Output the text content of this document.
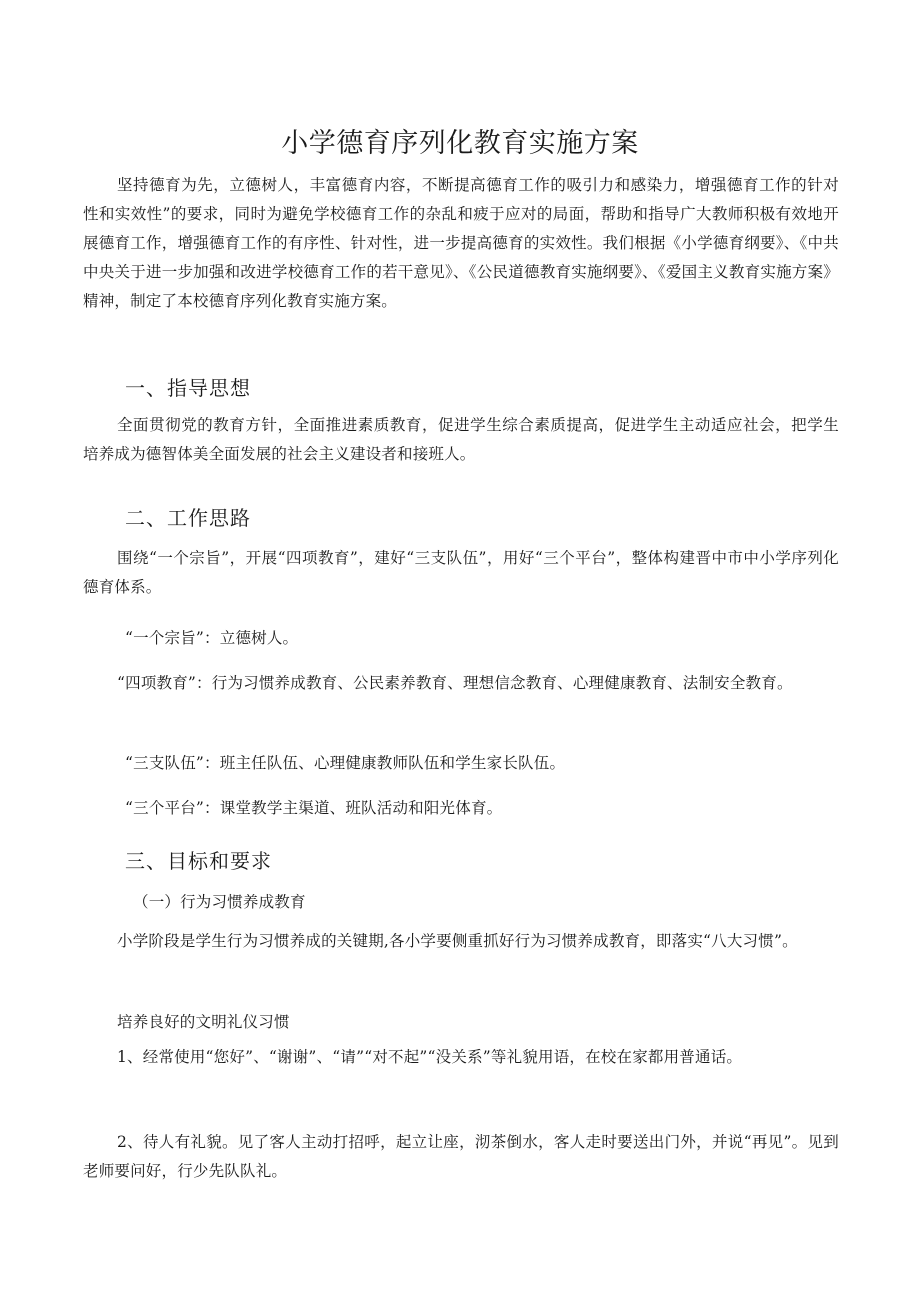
小学德育序列化教育实施方案

坚持德育为先，立德树人，丰富德育内容，不断提高德育工作的吸引力和感染力，增强德育工作的针对性和实效性”的要求，同时为避免学校德育工作的杂乱和疲于应对的局面，帮助和指导广大教师积极有效地开展德育工作，增强德育工作的有序性、针对性，进一步提高德育的实效性。我们根据《小学德育纲要》、《中共中央关于进一步加强和改进学校德育工作的若干意见》、《公民道德教育实施纲要》、《爱国主义教育实施方案》精神，制定了本校德育序列化教育实施方案。

一、指导思想

全面贯彻党的教育方针，全面推进素质教育，促进学生综合素质提高，促进学生主动适应社会，把学生培养成为德智体美全面发展的社会主义建设者和接班人。

二、工作思路

围绕“一个宗旨”，开展“四项教育”，建好“三支队伍”，用好“三个平台”，整体构建晋中市中小学序列化德育体系。

“一个宗旨”：立德树人。

“四项教育”：行为习惯养成教育、公民素养教育、理想信念教育、心理健康教育、法制安全教育。

“三支队伍”：班主任队伍、心理健康教师队伍和学生家长队伍。

“三个平台”：课堂教学主渠道、班队活动和阳光体育。

三、目标和要求

（一）行为习惯养成教育

小学阶段是学生行为习惯养成的关键期,各小学要侧重抓好行为习惯养成教育，即落实“八大习惯”。

培养良好的文明礼仪习惯

1、经常使用“您好”、“谢谢”、“请”“对不起”“没关系”等礼貌用语，在校在家都用普通话。

2、待人有礼貌。见了客人主动打招呼，起立让座，沏茶倒水，客人走时要送出门外，并说“再见”。见到老师要问好，行少先队队礼。
